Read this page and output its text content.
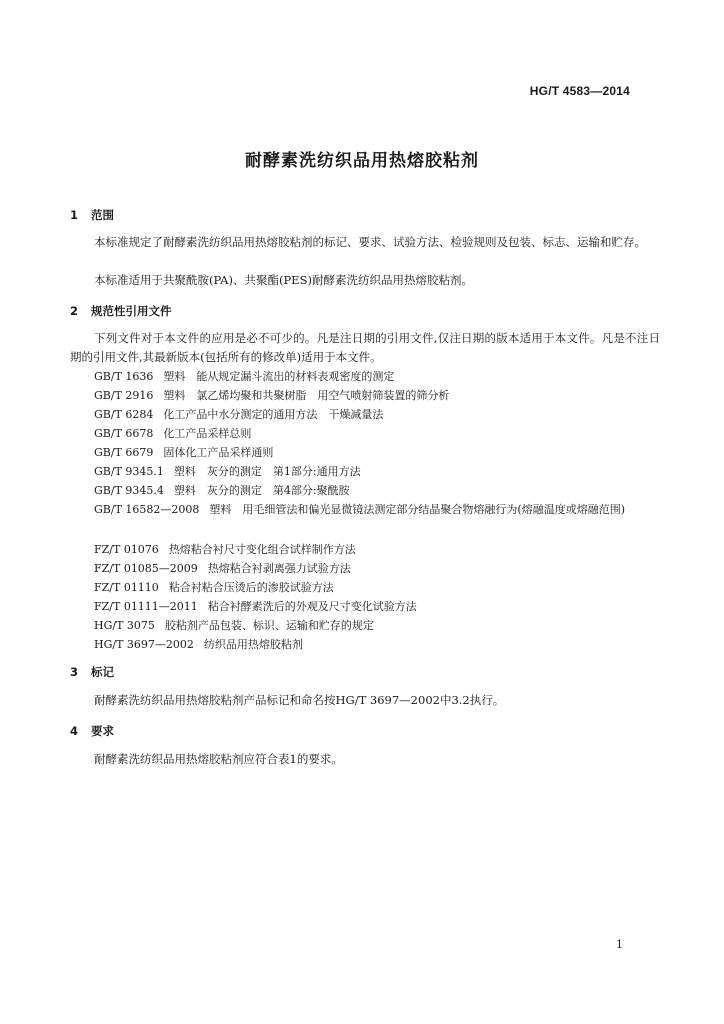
HG/T 4583—2014
耐酵素洗纺织品用热熔胶粘剂
1 范围

本标准规定了耐酵素洗纺织品用热熔胶粘剂的标记、要求、试验方法、检验规则及包装、标志、运输和贮存。

本标准适用于共聚酰胺(PA)、共聚酯(PES)耐酵素洗纺织品用热熔胶粘剂。

2 规范性引用文件

下列文件对于本文件的应用是必不可少的。凡是注日期的引用文件,仅注日期的版本适用于本文件。凡是不注日期的引用文件,其最新版本(包括所有的修改单)适用于本文件。

GB/T 1636 塑料　能从规定漏斗流出的材料表观密度的测定
GB/T 2916 塑料　氯乙烯均聚和共聚树脂　用空气喷射筛装置的筛分析
GB/T 6284 化工产品中水分测定的通用方法　干燥减量法
GB/T 6678 化工产品采样总则
GB/T 6679 固体化工产品采样通则
GB/T 9345.1 塑料　灰分的测定　第1部分:通用方法
GB/T 9345.4 塑料　灰分的测定　第4部分:聚酰胺
GB/T 16582—2008 塑料　用毛细管法和偏光显微镜法测定部分结晶聚合物熔融行为(熔融温度或熔融范围)
FZ/T 01076 热熔粘合衬尺寸变化组合试样制作方法
FZ/T 01085—2009 热熔粘合衬剥离强力试验方法
FZ/T 01110 粘合衬粘合压烫后的渗胶试验方法
FZ/T 01111—2011 粘合衬酵素洗后的外观及尺寸变化试验方法
HG/T 3075 胶粘剂产品包装、标识、运输和贮存的规定
HG/T 3697—2002 纺织品用热熔胶粘剂
3 标记

耐酵素洗纺织品用热熔胶粘剂产品标记和命名按HG/T 3697—2002中3.2执行。

4 要求

耐酵素洗纺织品用热熔胶粘剂应符合表1的要求。

1
